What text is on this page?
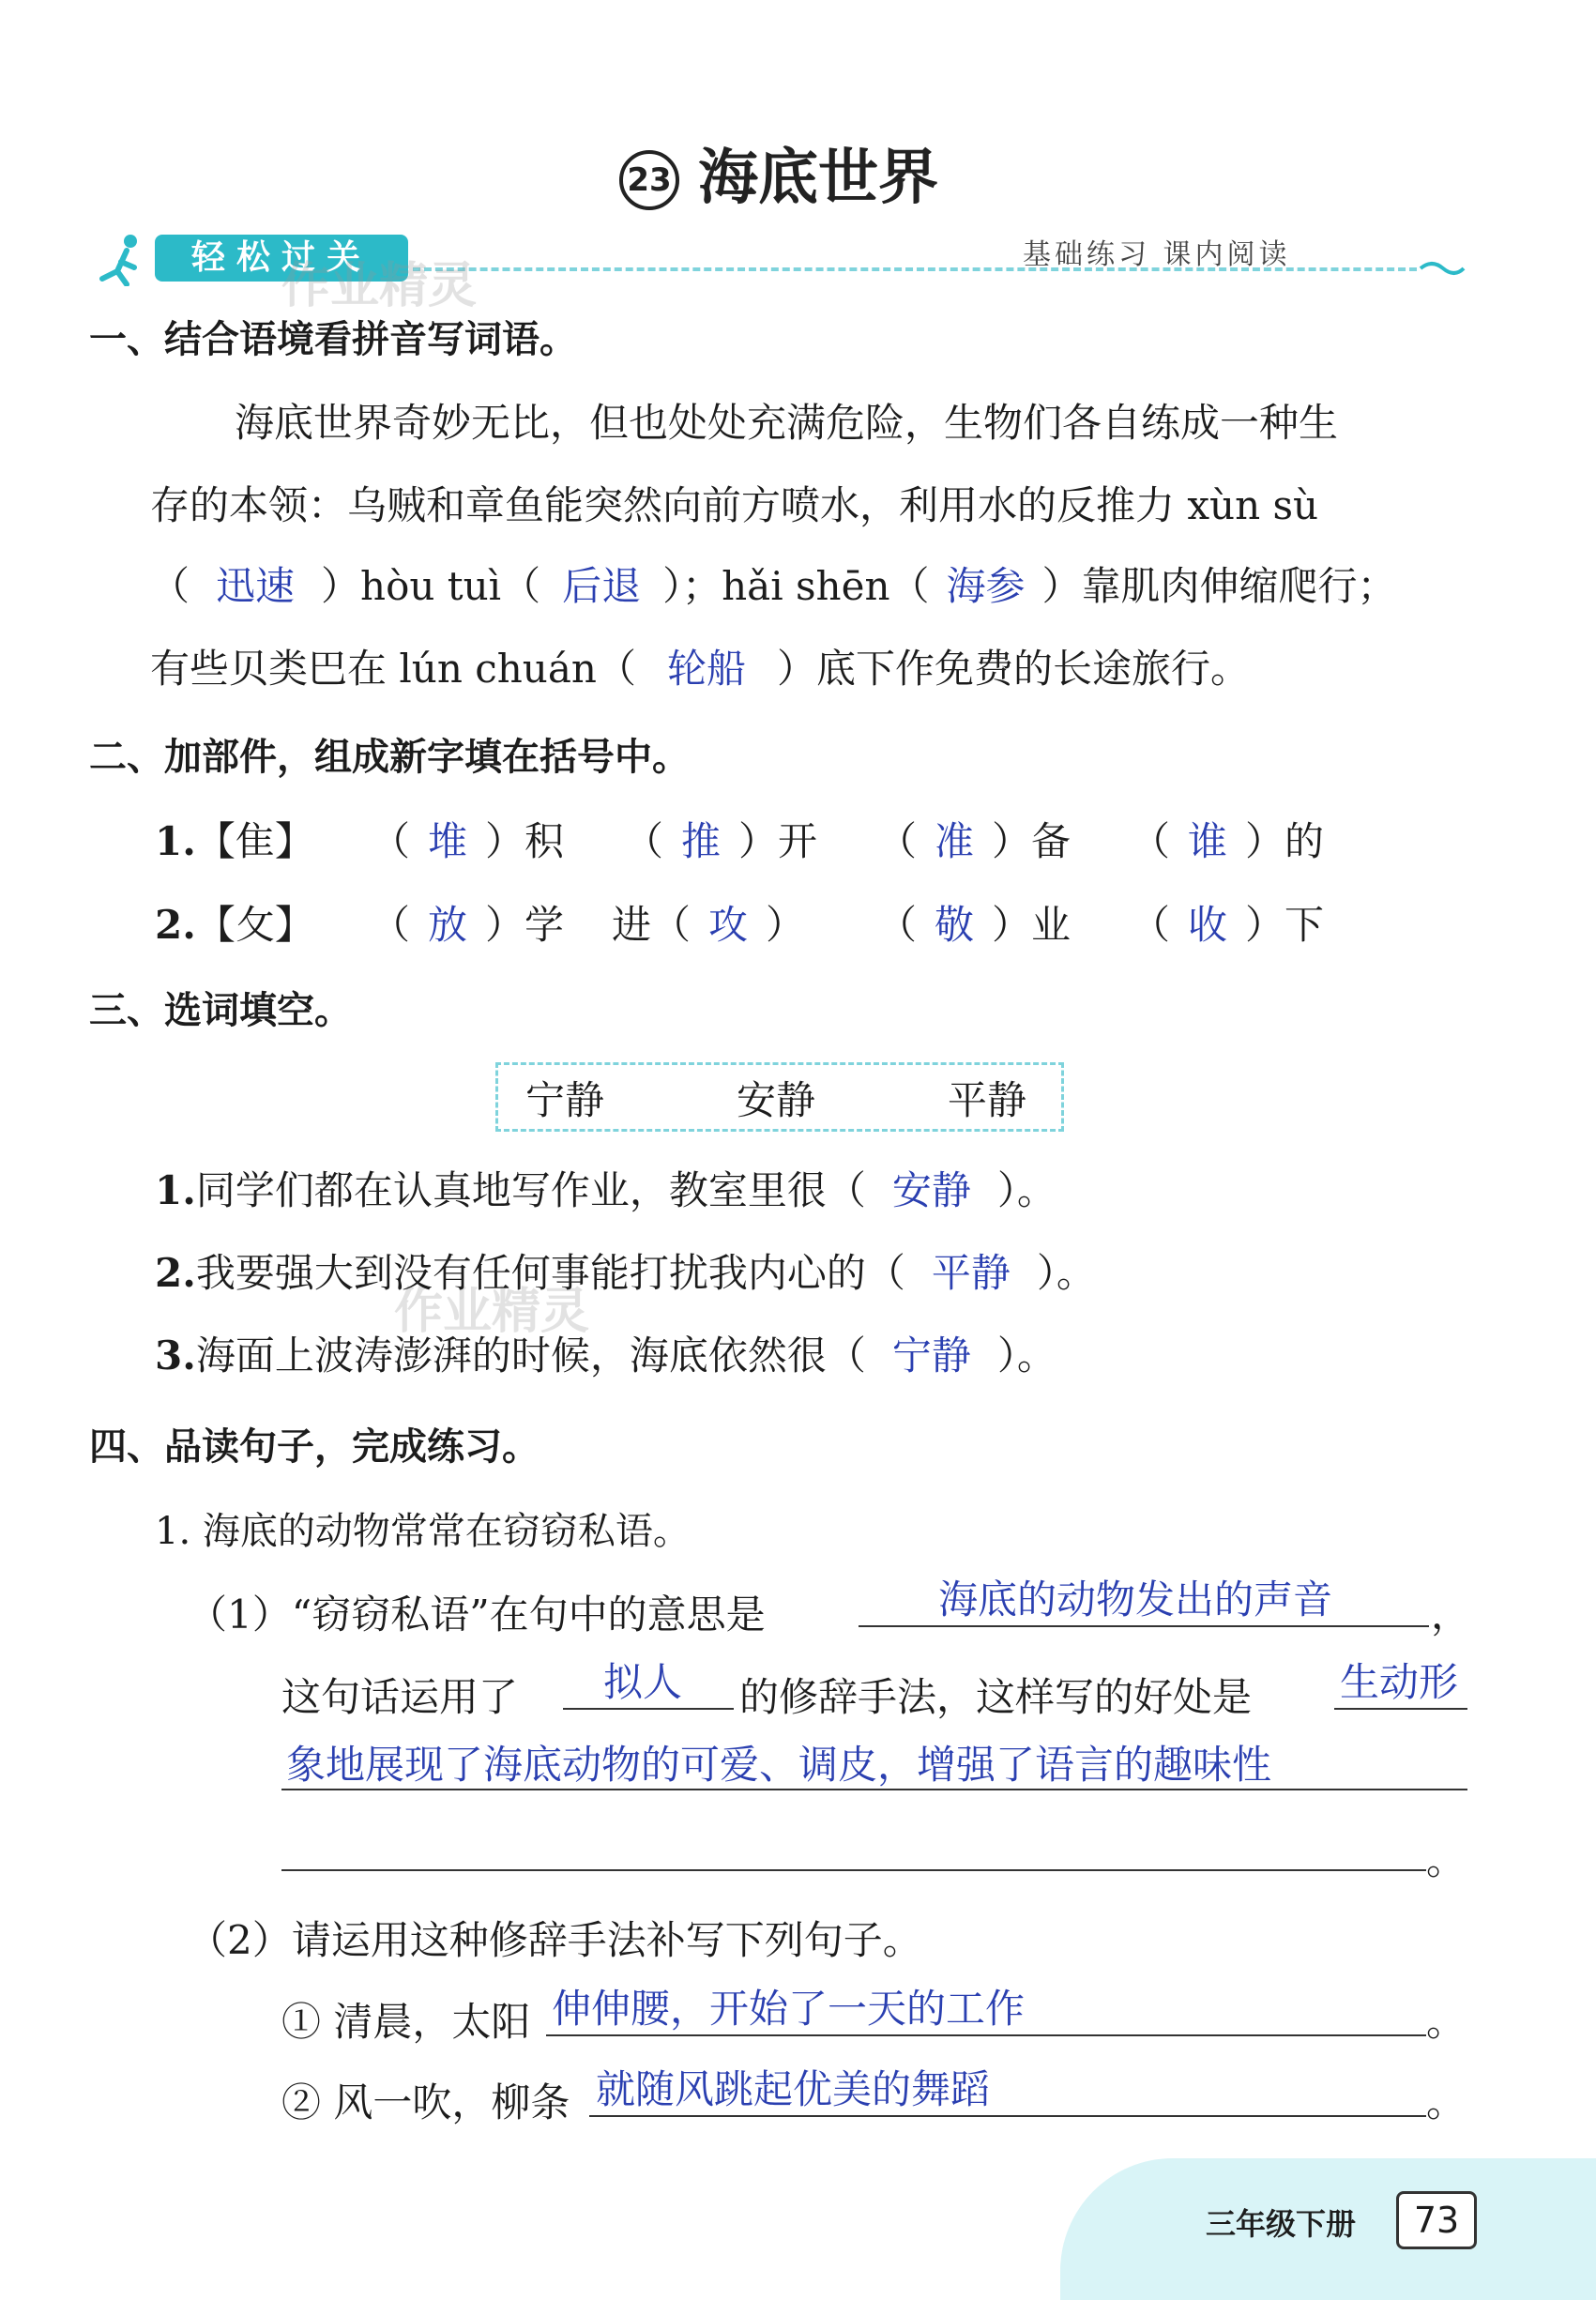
23 海底世界
轻松过关	基础练习 课内阅读
作业精灵
作业精灵
一、结合语境看拼音写词语。
海底世界奇妙无比，但也处处充满危险，生物们各自练成一种生
存的本领：乌贼和章鱼能突然向前方喷水，利用水的反推力 xùn sù
（ 迅速 ）hòu tuì（ 后退 ）；hǎi shēn（ 海参 ）靠肌肉伸缩爬行；
有些贝类巴在 lún chuán（ 轮船 ）底下作免费的长途旅行。
二、加部件，组成新字填在括号中。
1.【隹】 （ 堆 ）积 （ 推 ）开 （ 准 ）备 （ 谁 ）的
2.【攵】 （ 放 ）学 进（ 攻 ） （ 敬 ）业 （ 收 ）下
三、选词填空。
宁静	安静	平静
1.同学们都在认真地写作业，教室里很（ 安静 ）。
2.我要强大到没有任何事能打扰我内心的（ 平静 ）。
3.海面上波涛澎湃的时候，海底依然很（ 宁静 ）。
四、品读句子，完成练习。
1. 海底的动物常常在窃窃私语。
（1）“窃窃私语”在句中的意思是	海底的动物发出的声音 ，
这句话运用了 拟人 的修辞手法，这样写的好处是 生动形
象地展现了海底动物的可爱、调皮，增强了语言的趣味性
。
（2）请运用这种修辞手法补写下列句子。
① 清晨，太阳 伸伸腰，开始了一天的工作	。
② 风一吹，柳条 就随风跳起优美的舞蹈	。
三年级下册	73
